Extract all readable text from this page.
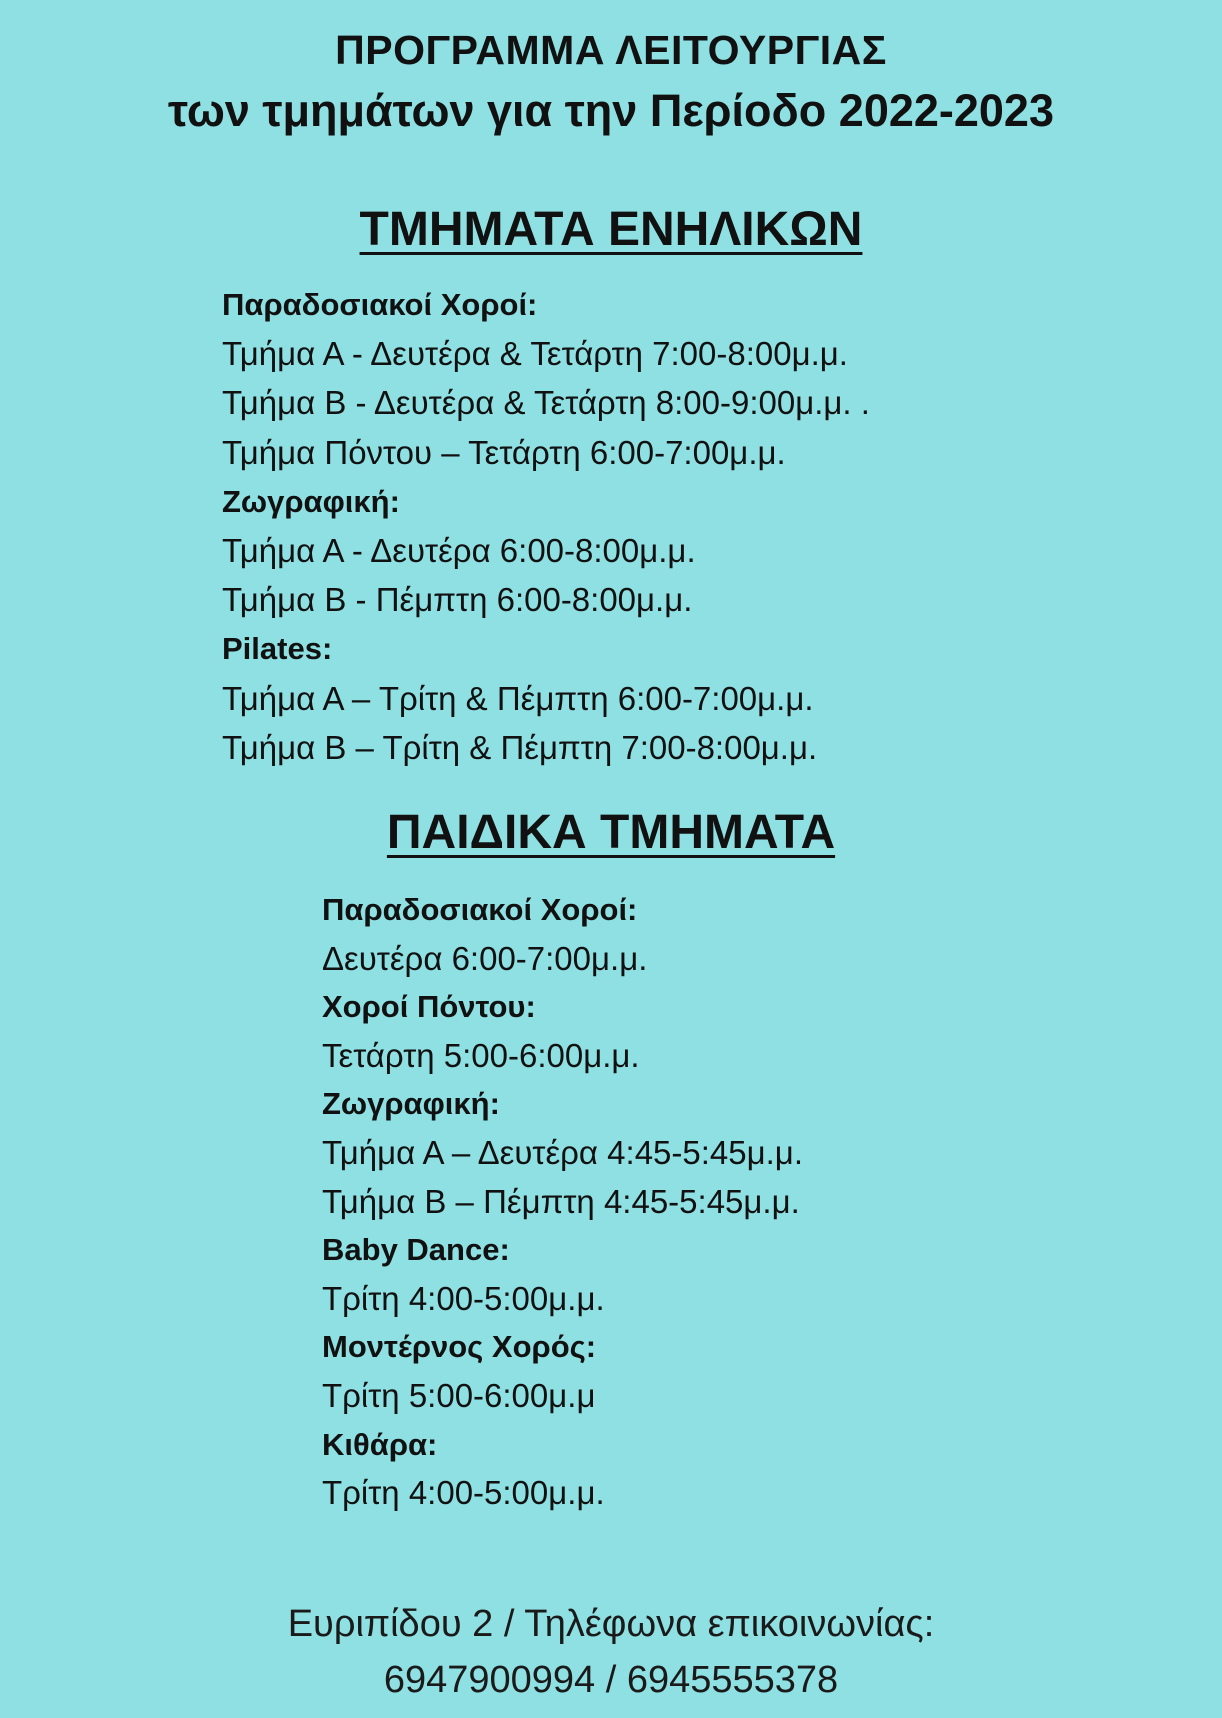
ΠΡΟΓΡΑΜΜΑ ΛΕΙΤΟΥΡΓΙΑΣ
των τμημάτων για την Περίοδο 2022-2023
ΤΜΗΜΑΤΑ ΕΝΗΛΙΚΩΝ
Παραδοσιακοί Χοροί:
Τμήμα Α - Δευτέρα & Τετάρτη 7:00-8:00μ.μ.
Τμήμα Β - Δευτέρα & Τετάρτη 8:00-9:00μ.μ. .
Τμήμα Πόντου – Τετάρτη 6:00-7:00μ.μ.
Ζωγραφική:
Τμήμα Α - Δευτέρα 6:00-8:00μ.μ.
Τμήμα Β - Πέμπτη 6:00-8:00μ.μ.
Pilates:
Τμήμα Α – Τρίτη & Πέμπτη 6:00-7:00μ.μ.
Τμήμα Β – Τρίτη & Πέμπτη 7:00-8:00μ.μ.
ΠΑΙΔΙΚΑ ΤΜΗΜΑΤΑ
Παραδοσιακοί Χοροί:
Δευτέρα 6:00-7:00μ.μ.
Χοροί Πόντου:
Τετάρτη 5:00-6:00μ.μ.
Ζωγραφική:
Τμήμα Α – Δευτέρα 4:45-5:45μ.μ.
Τμήμα Β – Πέμπτη 4:45-5:45μ.μ.
Baby Dance:
Τρίτη 4:00-5:00μ.μ.
Μοντέρνος Χορός:
Τρίτη 5:00-6:00μ.μ
Κιθάρα:
Τρίτη 4:00-5:00μ.μ.
Ευριπίδου 2 / Τηλέφωνα επικοινωνίας:
6947900994 / 6945555378
